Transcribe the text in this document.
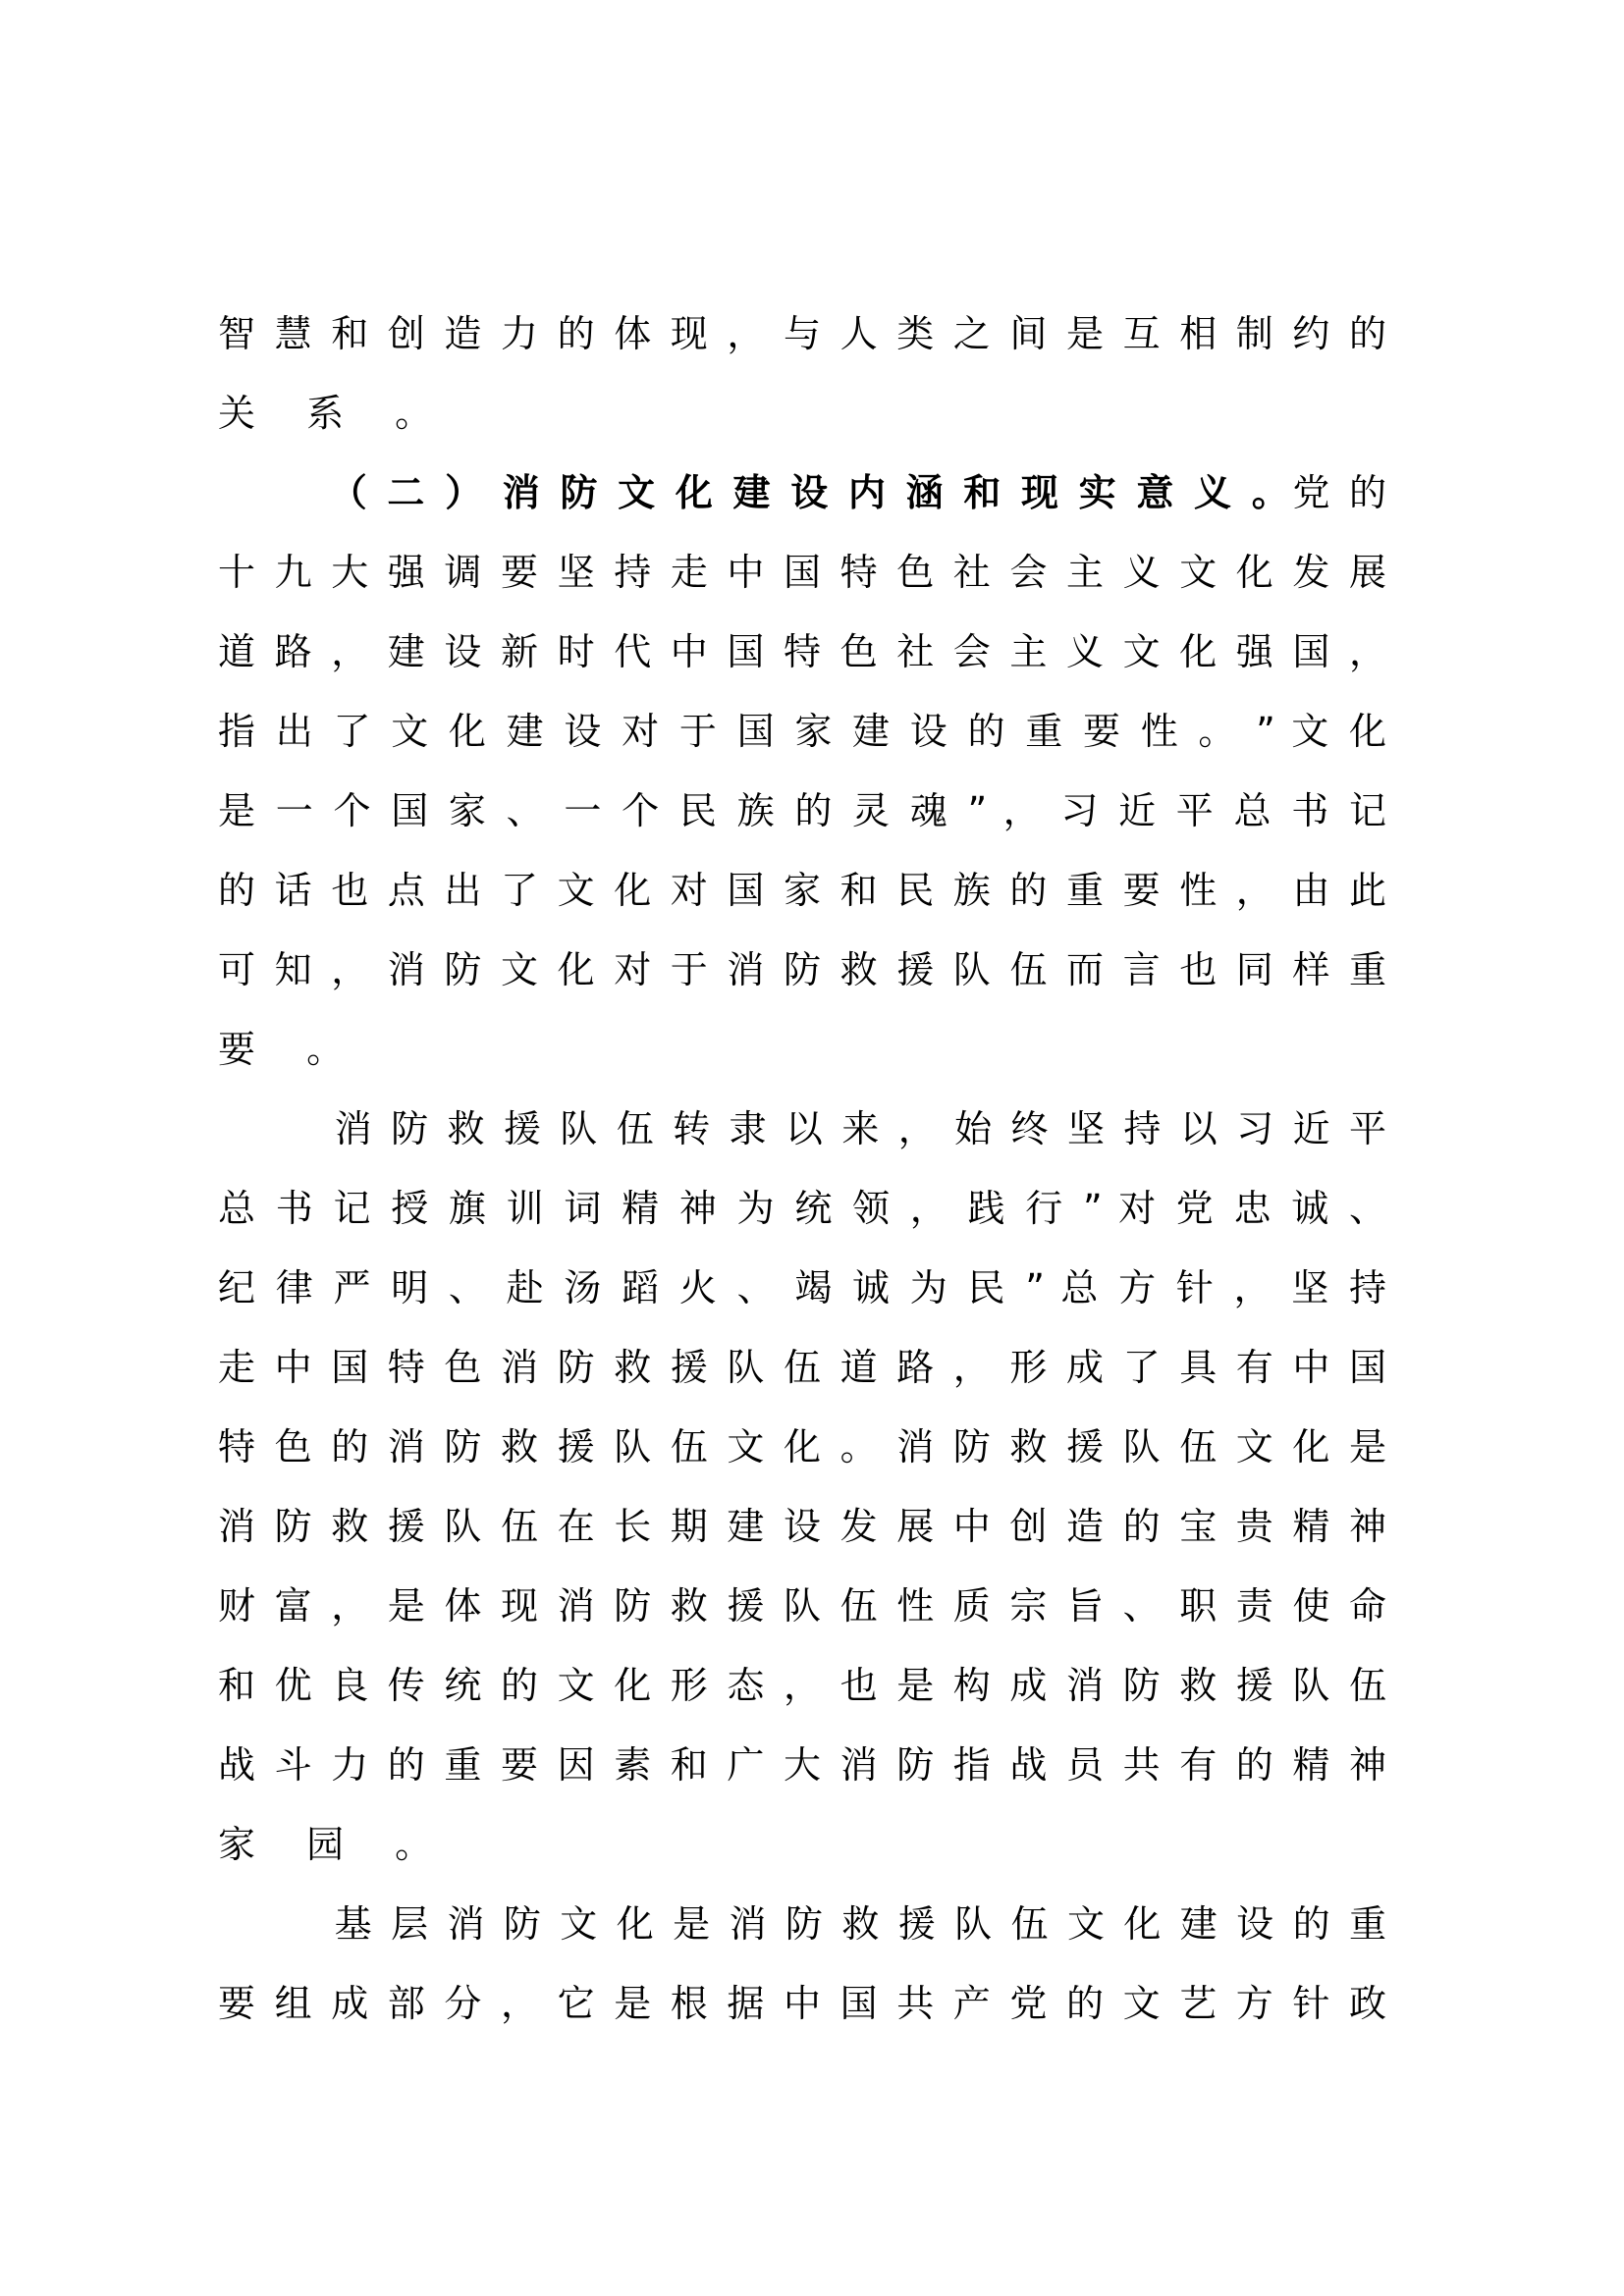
智 慧 和 创 造 力 的 体 现 ， 与 人 类 之 间 是 互 相 制 约 的
关 系 。
（ 二 ） 消 防 文 化 建 设 内 涵 和 现 实 意 义 。党 的
十 九 大 强 调 要 坚 持 走 中 国 特 色 社 会 主 义 文 化 发 展
道 路 ， 建 设 新 时 代 中 国 特 色 社 会 主 义 文 化 强 国 ，
指 出 了 文 化 建 设 对 于 国 家 建 设 的 重 要 性 。 ” 文 化
是 一 个 国 家 、 一 个 民 族 的 灵 魂 ” ， 习 近 平 总 书 记
的 话 也 点 出 了 文 化 对 国 家 和 民 族 的 重 要 性 ， 由 此
可 知 ， 消 防 文 化 对 于 消 防 救 援 队 伍 而 言 也 同 样 重
要 。
消 防 救 援 队 伍 转 隶 以 来 ， 始 终 坚 持 以 习 近 平
总 书 记 授 旗 训 词 精 神 为 统 领 ， 践 行 ” 对 党 忠 诚 、
纪 律 严 明 、 赴 汤 蹈 火 、 竭 诚 为 民 ” 总 方 针 ， 坚 持
走 中 国 特 色 消 防 救 援 队 伍 道 路 ， 形 成 了 具 有 中 国
特 色 的 消 防 救 援 队 伍 文 化 。 消 防 救 援 队 伍 文 化 是
消 防 救 援 队 伍 在 长 期 建 设 发 展 中 创 造 的 宝 贵 精 神
财 富 ， 是 体 现 消 防 救 援 队 伍 性 质 宗 旨 、 职 责 使 命
和 优 良 传 统 的 文 化 形 态 ， 也 是 构 成 消 防 救 援 队 伍
战 斗 力 的 重 要 因 素 和 广 大 消 防 指 战 员 共 有 的 精 神
家 园 。
基 层 消 防 文 化 是 消 防 救 援 队 伍 文 化 建 设 的 重
要 组 成 部 分 ， 它 是 根 据 中 国 共 产 党 的 文 艺 方 针 政
